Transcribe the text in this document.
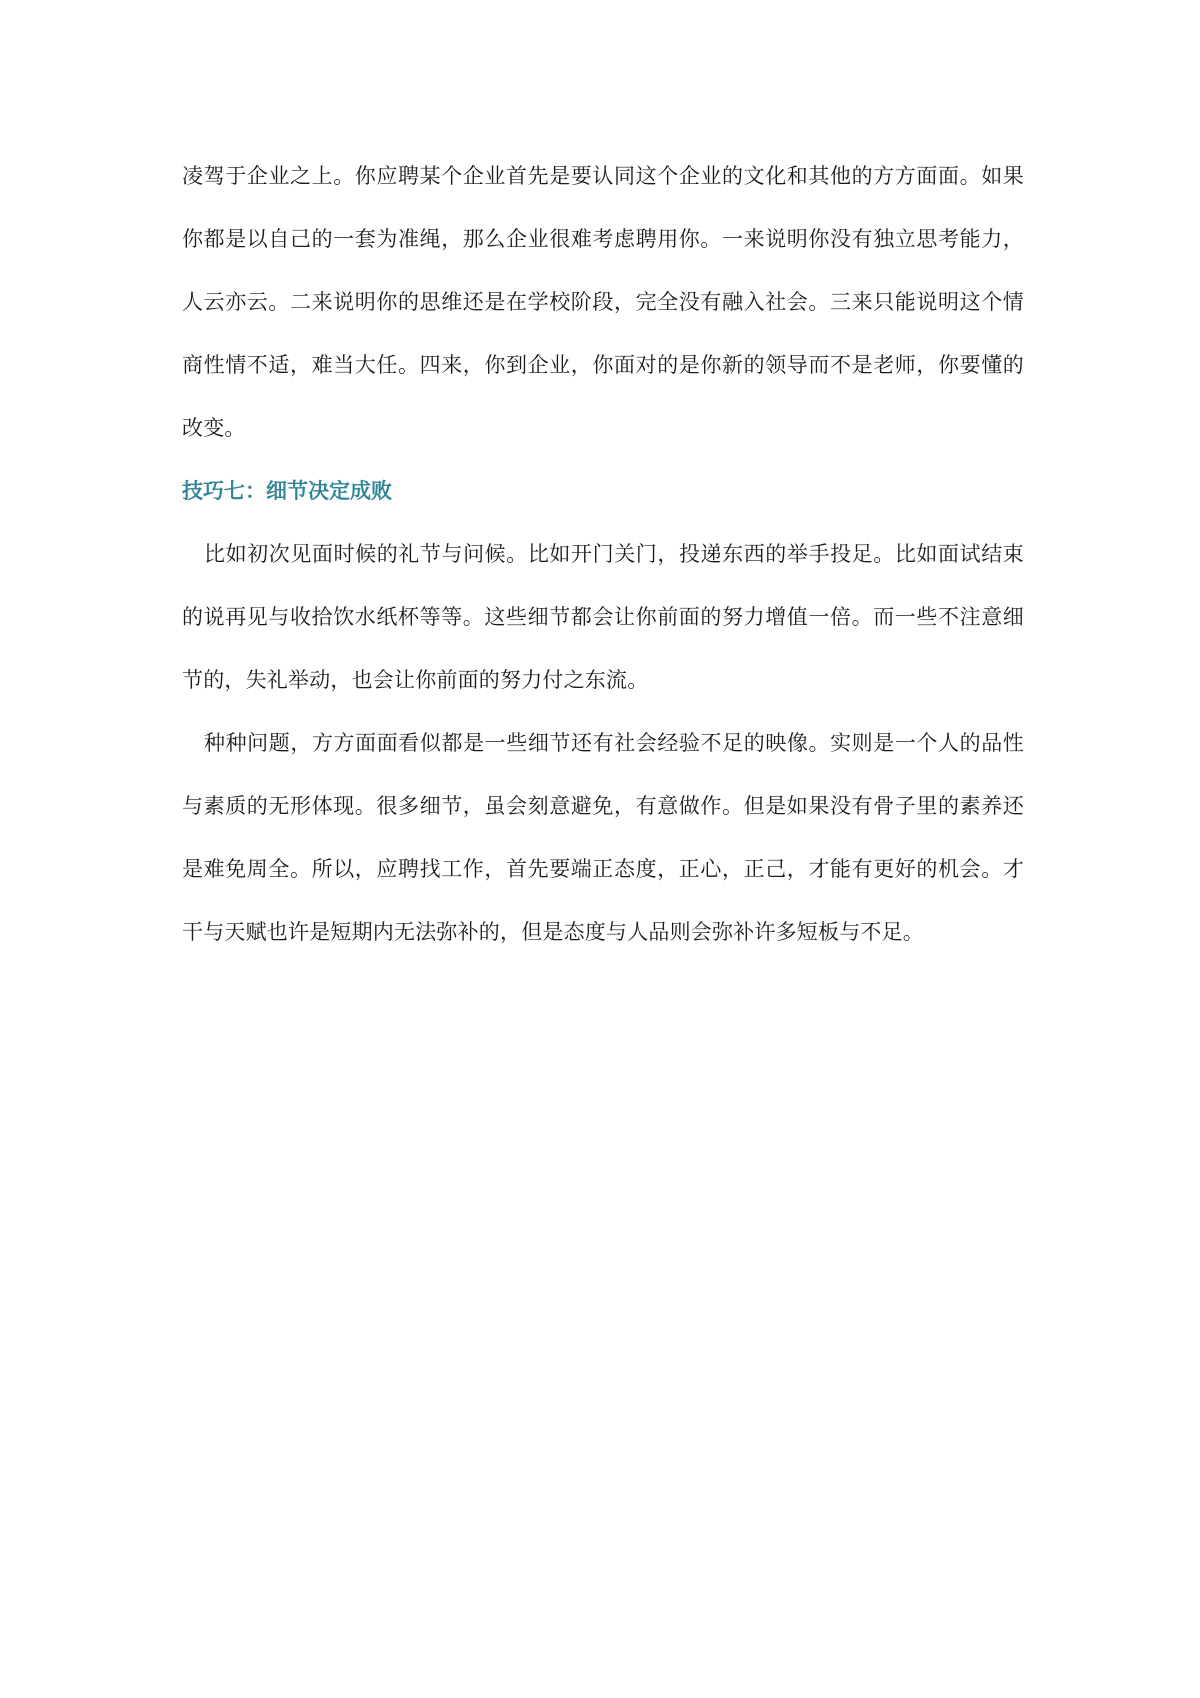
凌驾于企业之上。你应聘某个企业首先是要认同这个企业的文化和其他的方方面面。如果你都是以自己的一套为准绳，那么企业很难考虑聘用你。一来说明你没有独立思考能力，人云亦云。二来说明你的思维还是在学校阶段，完全没有融入社会。三来只能说明这个情商性情不适，难当大任。四来，你到企业，你面对的是你新的领导而不是老师，你要懂的改变。

技巧七：细节决定成败

比如初次见面时候的礼节与问候。比如开门关门，投递东西的举手投足。比如面试结束的说再见与收拾饮水纸杯等等。这些细节都会让你前面的努力增值一倍。而一些不注意细节的，失礼举动，也会让你前面的努力付之东流。

种种问题，方方面面看似都是一些细节还有社会经验不足的映像。实则是一个人的品性与素质的无形体现。很多细节，虽会刻意避免，有意做作。但是如果没有骨子里的素养还是难免周全。所以，应聘找工作，首先要端正态度，正心，正己，才能有更好的机会。才干与天赋也许是短期内无法弥补的，但是态度与人品则会弥补许多短板与不足。
